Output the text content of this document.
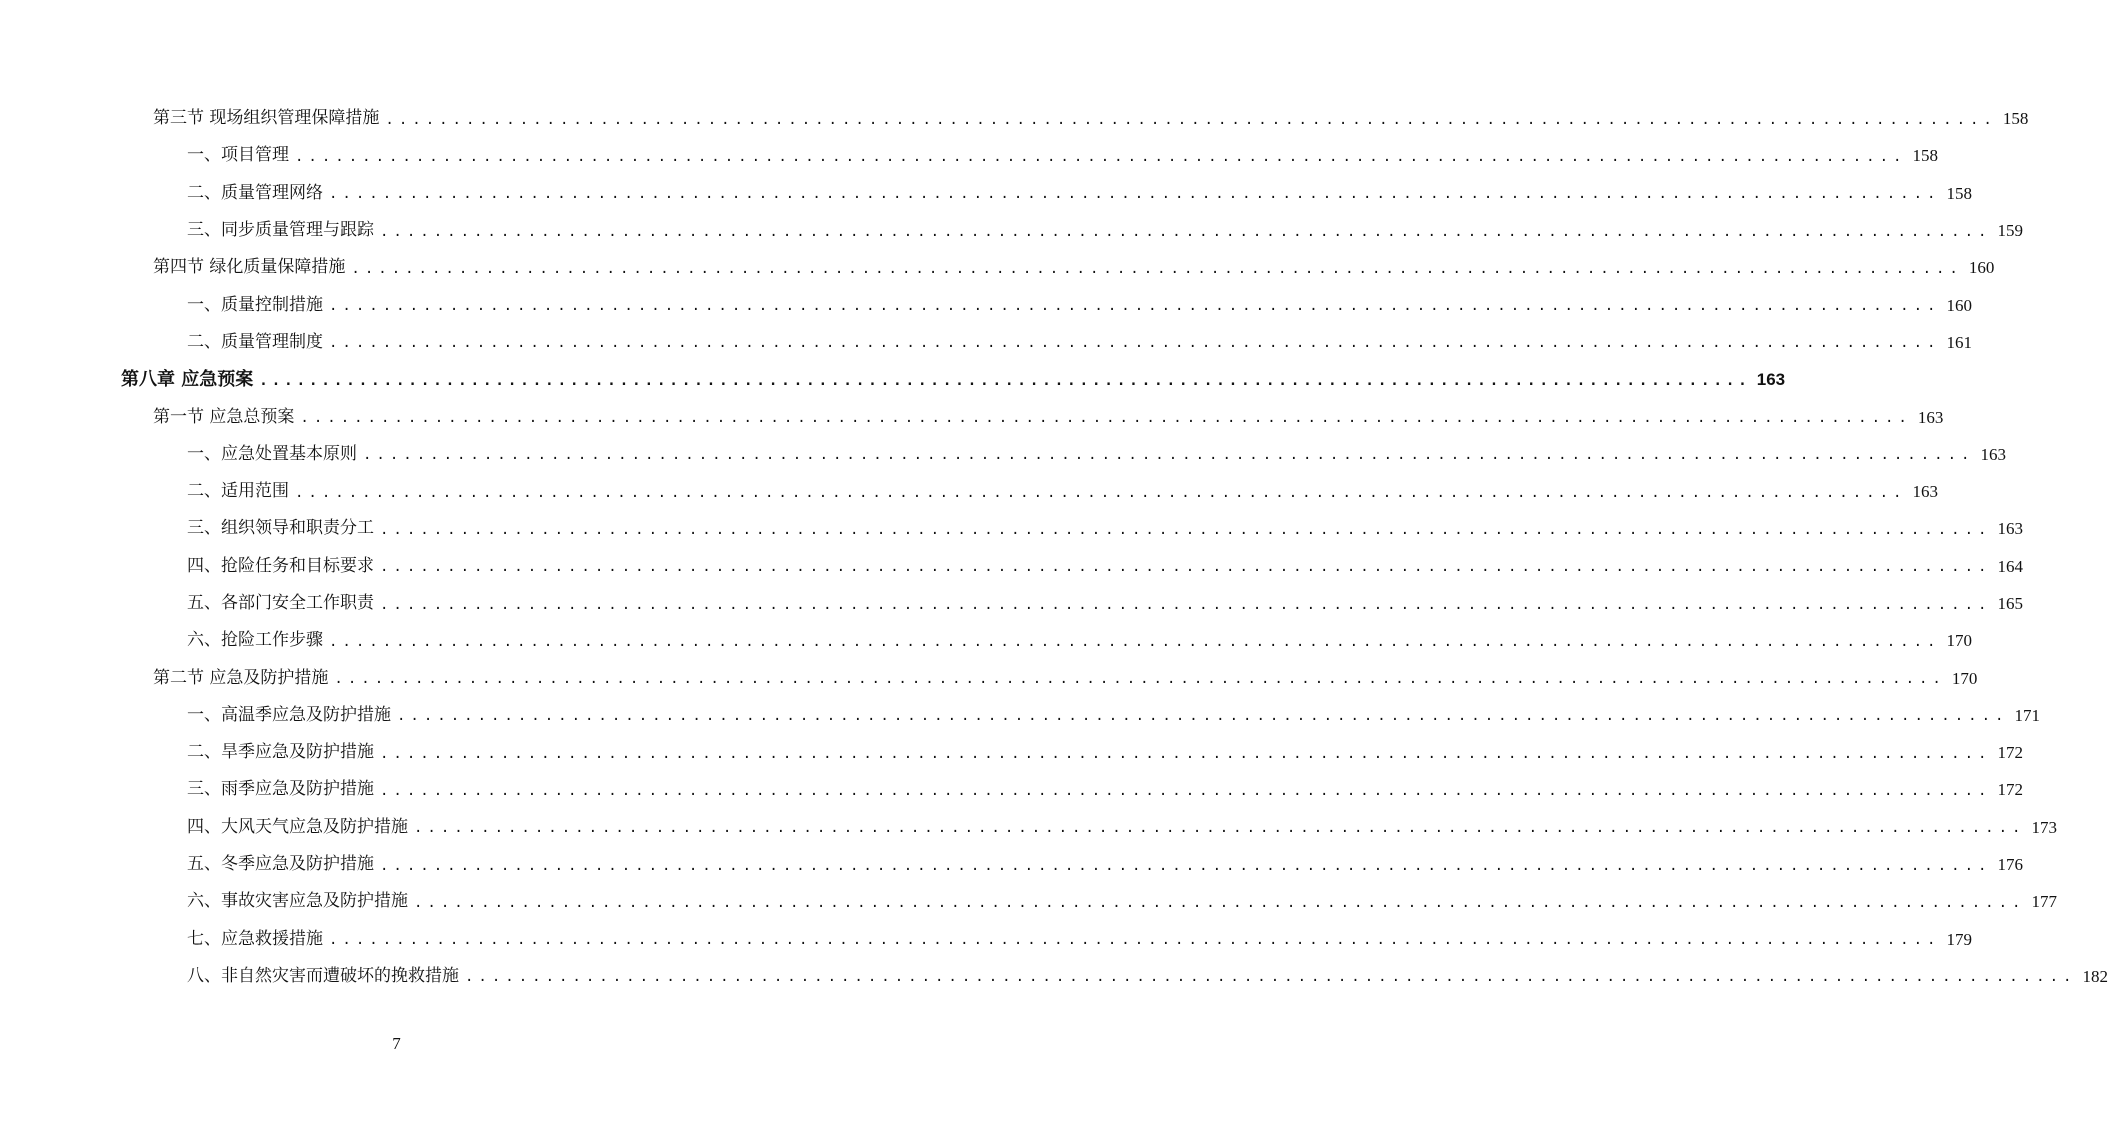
第三节 现场组织管理保障措施 ........................................................................................................................ 158
一、项目管理 ........................................................................................................................ 158
二、质量管理网络 ........................................................................................................................ 158
三、同步质量管理与跟踪 ........................................................................................................................ 159
第四节 绿化质量保障措施 ........................................................................................................................ 160
一、质量控制措施 ........................................................................................................................ 160
二、质量管理制度 ........................................................................................................................ 161
第八章 应急预案 ........................................................................................................................ 163
第一节 应急总预案 ........................................................................................................................ 163
一、应急处置基本原则 ........................................................................................................................ 163
二、适用范围 ........................................................................................................................ 163
三、组织领导和职责分工 ........................................................................................................................ 163
四、抢险任务和目标要求 ........................................................................................................................ 164
五、各部门安全工作职责 ........................................................................................................................ 165
六、抢险工作步骤 ........................................................................................................................ 170
第二节 应急及防护措施 ........................................................................................................................ 170
一、高温季应急及防护措施 ........................................................................................................................ 171
二、旱季应急及防护措施 ........................................................................................................................ 172
三、雨季应急及防护措施 ........................................................................................................................ 172
四、大风天气应急及防护措施 ........................................................................................................................ 173
五、冬季应急及防护措施 ........................................................................................................................ 176
六、事故灾害应急及防护措施 ........................................................................................................................ 177
七、应急救援措施 ........................................................................................................................ 179
八、非自然灾害而遭破坏的挽救措施 ........................................................................................................................ 182
7
